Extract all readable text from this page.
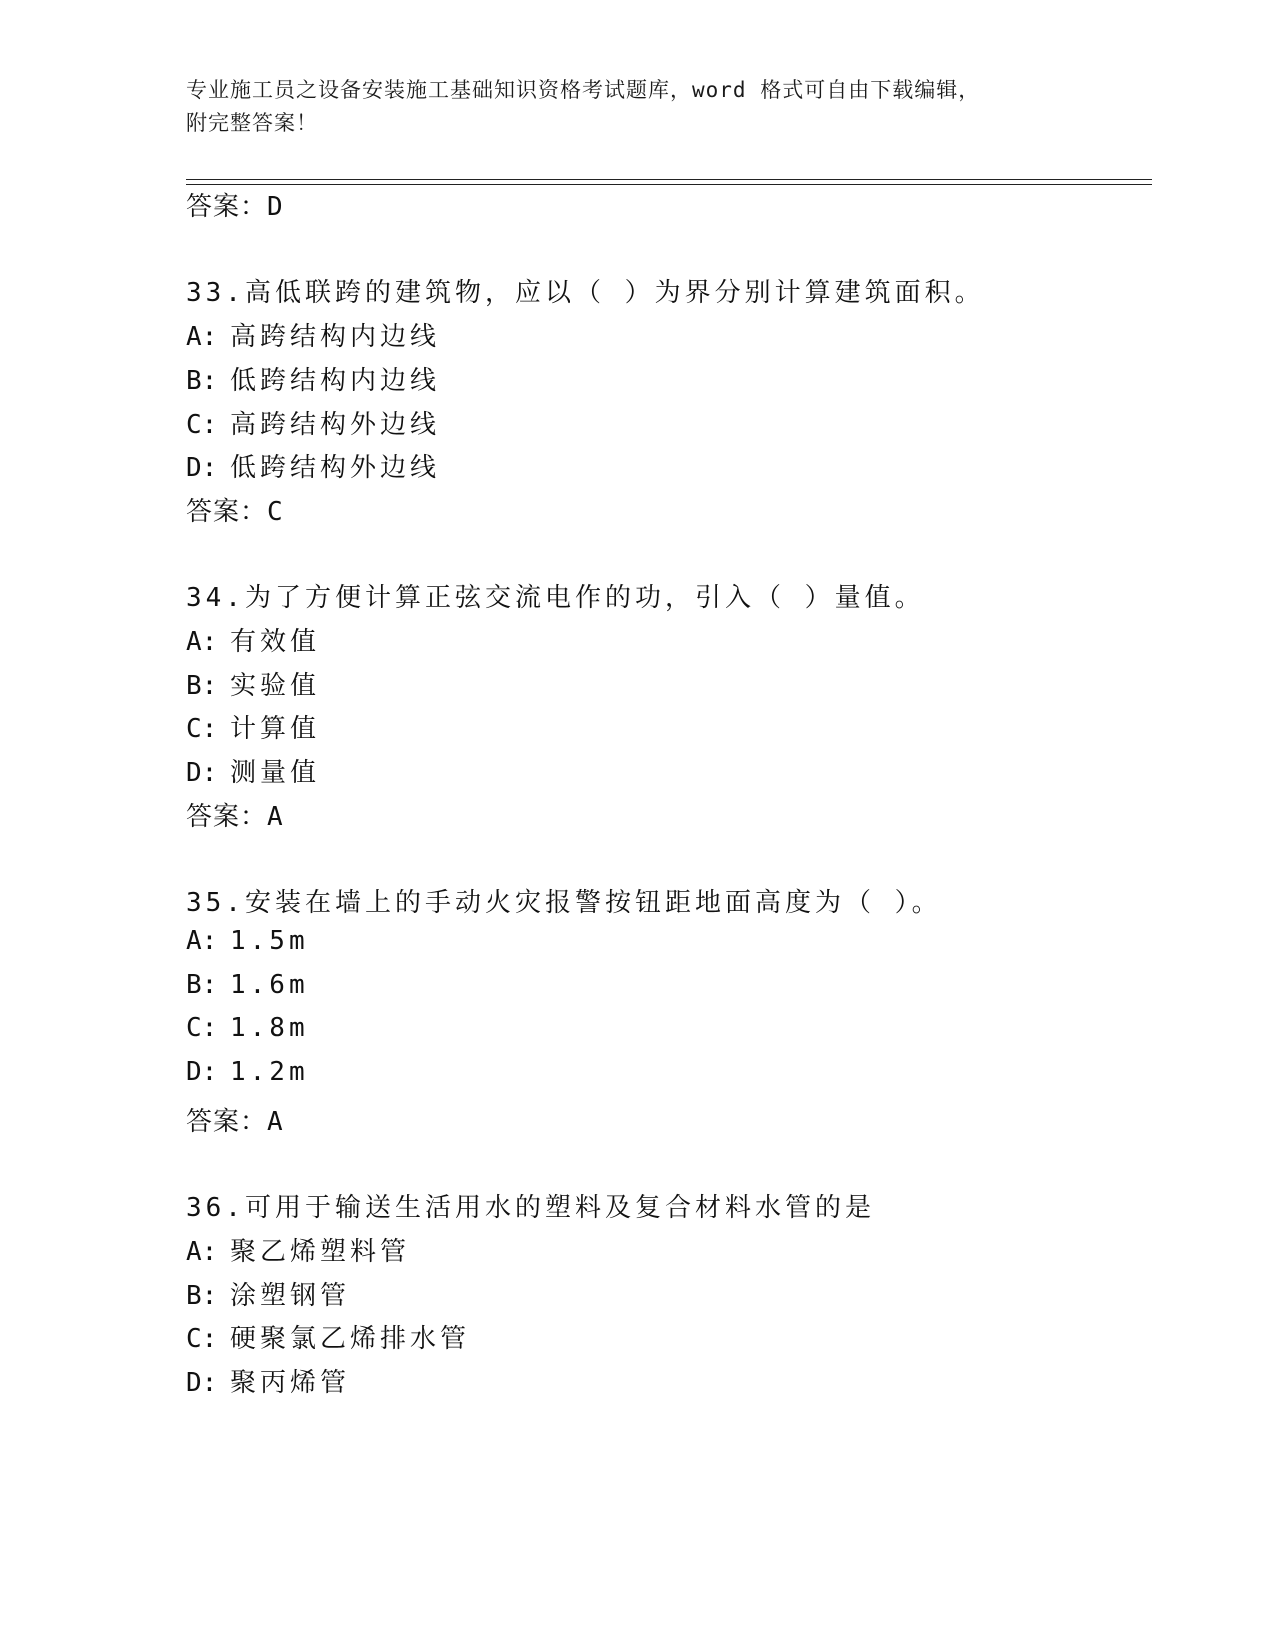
专业施工员之设备安装施工基础知识资格考试题库，word 格式可自由下载编辑，
附完整答案！
答案：D
33.高低联跨的建筑物，应以（ ）为界分别计算建筑面积。
A: 高跨结构内边线
B: 低跨结构内边线
C: 高跨结构外边线
D: 低跨结构外边线
答案：C
34.为了方便计算正弦交流电作的功，引入（ ）量值。
A: 有效值
B: 实验值
C: 计算值
D: 测量值
答案：A
35.安装在墙上的手动火灾报警按钮距地面高度为（ ）。
A: 1.5m
B: 1.6m
C: 1.8m
D: 1.2m
答案：A
36.可用于输送生活用水的塑料及复合材料水管的是
A: 聚乙烯塑料管
B: 涂塑钢管
C: 硬聚氯乙烯排水管
D: 聚丙烯管
